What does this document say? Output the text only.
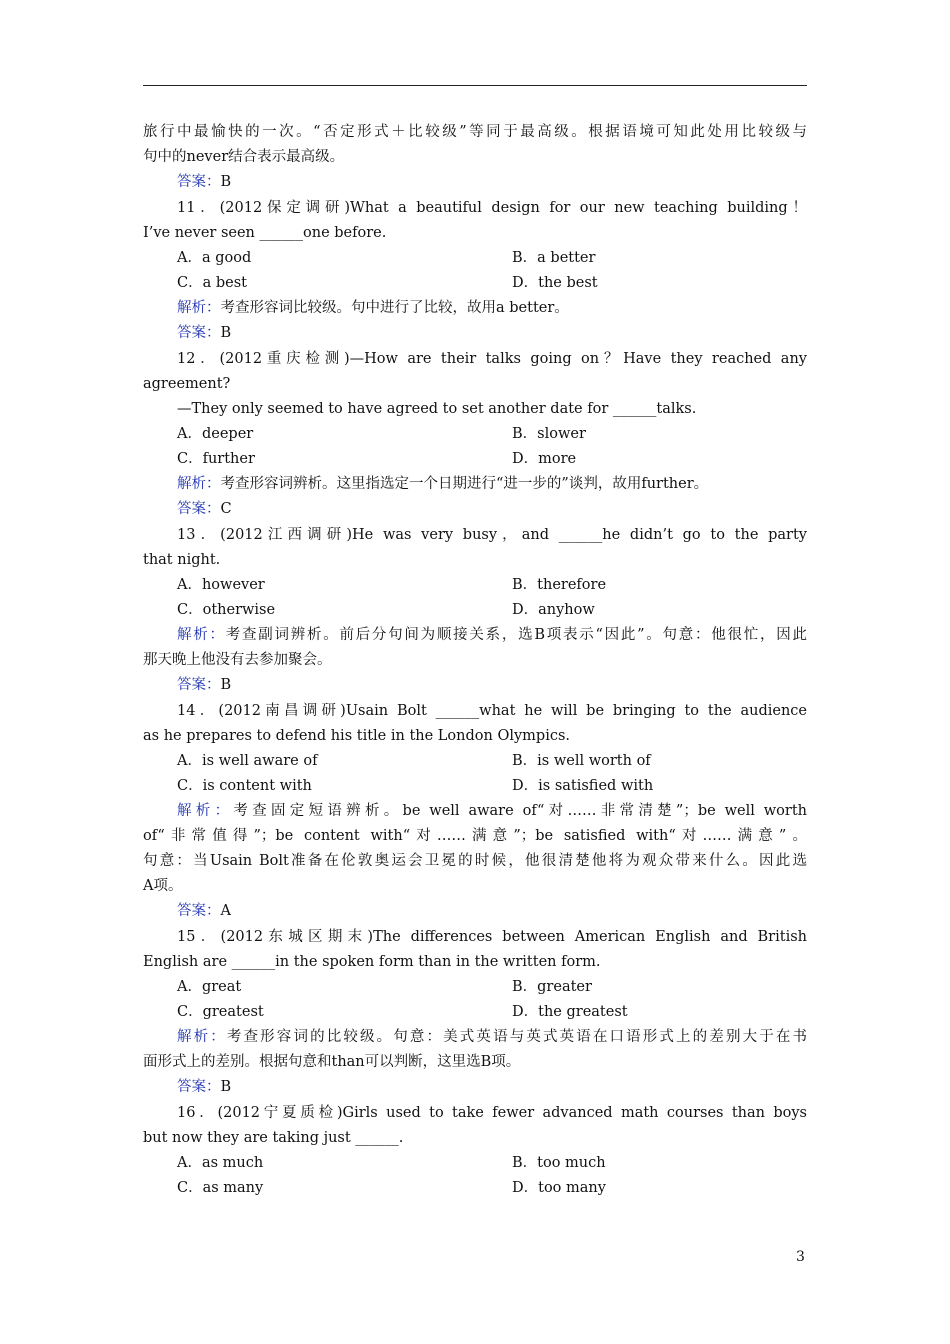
旅行中最愉快的一次。“否定形式＋比较级”等同于最高级。根据语境可知此处用比较级与
句中的never结合表示最高级。
答案：B
11．(2012保定调研)What a beautiful design for our new teaching building！
I’ve never seen ______one before.
A．a good	B．a better
C．a best	D．the best
解析：考查形容词比较级。句中进行了比较，故用a better。
答案：B
12．(2012重庆检测)—How are their talks going on？Have they reached any
agreement?
—They only seemed to have agreed to set another date for ______talks.
A．deeper	B．slower
C．further	D．more
解析：考查形容词辨析。这里指选定一个日期进行“进一步的”谈判，故用further。
答案：C
13．(2012江西调研)He was very busy，and ______he didn’t go to the party
that night.
A．however	B．therefore
C．otherwise	D．anyhow
解析：考查副词辨析。前后分句间为顺接关系，选B项表示“因此”。句意：他很忙，因此
那天晚上他没有去参加聚会。
答案：B
14．(2012南昌调研)Usain Bolt ______what he will be bringing to the audience
as he prepares to defend his title in the London Olympics.
A．is well aware of	B．is well worth of
C．is content with	D．is satisfied with
解析：考查固定短语辨析。be well aware of“对……非常清楚”；be well worth
of“非常值得”；be content with“对……满意”；be satisfied with“对……满意”。
句意：当Usain Bolt准备在伦敦奥运会卫冕的时候，他很清楚他将为观众带来什么。因此选
A项。
答案：A
15．(2012东城区期末)The differences between American English and British
English are ______in the spoken form than in the written form.
A．great	B．greater
C．greatest	D．the greatest
解析：考查形容词的比较级。句意：美式英语与英式英语在口语形式上的差别大于在书
面形式上的差别。根据句意和than可以判断，这里选B项。
答案：B
16．(2012宁夏质检)Girls used to take fewer advanced math courses than boys
but now they are taking just ______.
A．as much	B．too much
C．as many	D．too many
3
